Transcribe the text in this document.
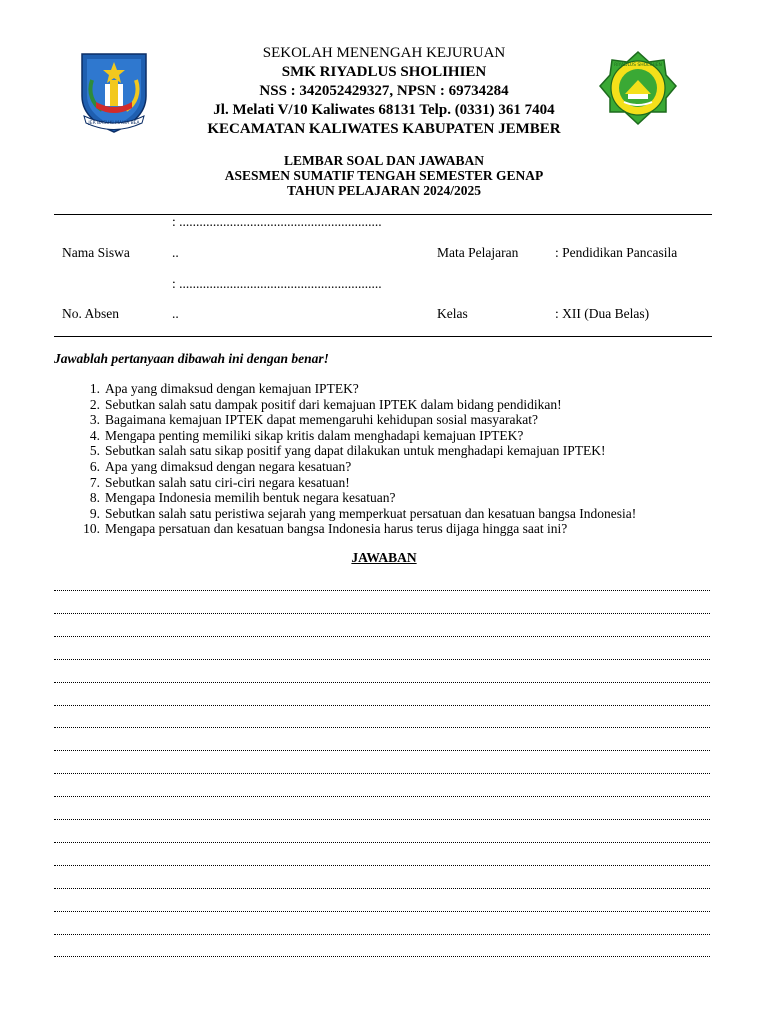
JER BASUKI MAWA BEA
RIYADLUS SHOLIHIEN
SEKOLAH MENENGAH KEJURUAN
SMK RIYADLUS SHOLIHIEN
NSS : 342052429327, NPSN : 69734284
Jl. Melati V/10 Kaliwates 68131 Telp. (0331) 361 7404
KECAMATAN KALIWATES KABUPATEN JEMBER
LEMBAR SOAL DAN JAWABAN
ASESMEN SUMATIF TENGAH SEMESTER GENAP
TAHUN PELAJARAN 2024/2025
: ............................................................
Nama Siswa	..	Mata Pelajaran	: Pendidikan Pancasila
: ............................................................
No. Absen	..	Kelas	: XII (Dua Belas)
Jawablah pertanyaan dibawah ini dengan benar!
1. Apa yang dimaksud dengan kemajuan IPTEK?
2. Sebutkan salah satu dampak positif dari kemajuan IPTEK dalam bidang pendidikan!
3. Bagaimana kemajuan IPTEK dapat memengaruhi kehidupan sosial masyarakat?
4. Mengapa penting memiliki sikap kritis dalam menghadapi kemajuan IPTEK?
5. Sebutkan salah satu sikap positif yang dapat dilakukan untuk menghadapi kemajuan IPTEK!
6. Apa yang dimaksud dengan negara kesatuan?
7. Sebutkan salah satu ciri-ciri negara kesatuan!
8. Mengapa Indonesia memilih bentuk negara kesatuan?
9. Sebutkan salah satu peristiwa sejarah yang memperkuat persatuan dan kesatuan bangsa Indonesia!
10. Mengapa persatuan dan kesatuan bangsa Indonesia harus terus dijaga hingga saat ini?
JAWABAN
